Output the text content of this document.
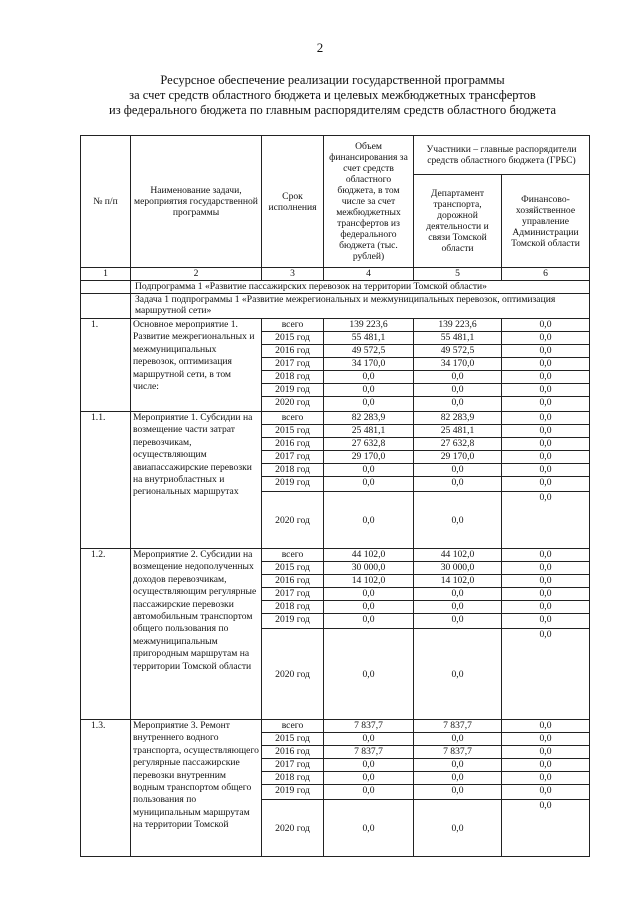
2
Ресурсное обеспечение реализации государственной программы
за счет средств областного бюджета и целевых межбюджетных трансфертов
из федерального бюджета по главным распорядителям средств областного бюджета
№ п/п	Наименование задачи, мероприятия государственной программы	Срок исполнения	Объем финансирования за счет средств областного бюджета, в том числе за счет межбюджетных трансфертов из федерального бюджета (тыс. рублей)	Участники – главные распорядители средств областного бюджета (ГРБС)	
				Департамент транспорта, дорожной деятельности и связи Томской области	Финансово-хозяйственное управление Администрации Томской области
1	2	3	4	5	6
	Подпрограмма 1 «Развитие пассажирских перевозок на территории Томской области»				
	Задача 1 подпрограммы 1 «Развитие межрегиональных и межмуниципальных перевозок, оптимизация маршрутной сети»				
1.	Основное мероприятие 1. Развитие межрегиональных и межмуниципальных перевозок, оптимизация маршрутной сети, в том числе:	всего	139 223,6	139 223,6	0,0
		2015 год	55 481,1	55 481,1	0,0
		2016 год	49 572,5	49 572,5	0,0
		2017 год	34 170,0	34 170,0	0,0
		2018 год	0,0	0,0	0,0
		2019 год	0,0	0,0	0,0
		2020 год	0,0	0,0	0,0
1.1.	Мероприятие 1. Субсидии на возмещение части затрат перевозчикам, осуществляющим авиапассажирские перевозки на внутриобластных и региональных маршрутах	всего	82 283,9	82 283,9	0,0
		2015 год	25 481,1	25 481,1	0,0
		2016 год	27 632,8	27 632,8	0,0
		2017 год	29 170,0	29 170,0	0,0
		2018 год	0,0	0,0	0,0
		2019 год	0,0	0,0	0,0
		2020 год	0,0	0,0	0,0
1.2.	Мероприятие 2. Субсидии на возмещение недополученных доходов перевозчикам, осуществляющим регулярные пассажирские перевозки автомобильным транспортом общего пользования по межмуниципальным пригородным маршрутам на территории Томской области	всего	44 102,0	44 102,0	0,0
		2015 год	30 000,0	30 000,0	0,0
		2016 год	14 102,0	14 102,0	0,0
		2017 год	0,0	0,0	0,0
		2018 год	0,0	0,0	0,0
		2019 год	0,0	0,0	0,0
		2020 год	0,0	0,0	0,0
1.3.	Мероприятие 3. Ремонт внутреннего водного транспорта, осуществляющего регулярные пассажирские перевозки внутренним водным транспортом общего пользования по муниципальным маршрутам на территории Томской	всего	7 837,7	7 837,7	0,0
		2015 год	0,0	0,0	0,0
		2016 год	7 837,7	7 837,7	0,0
		2017 год	0,0	0,0	0,0
		2018 год	0,0	0,0	0,0
		2019 год	0,0	0,0	0,0
		2020 год	0,0	0,0	0,0
